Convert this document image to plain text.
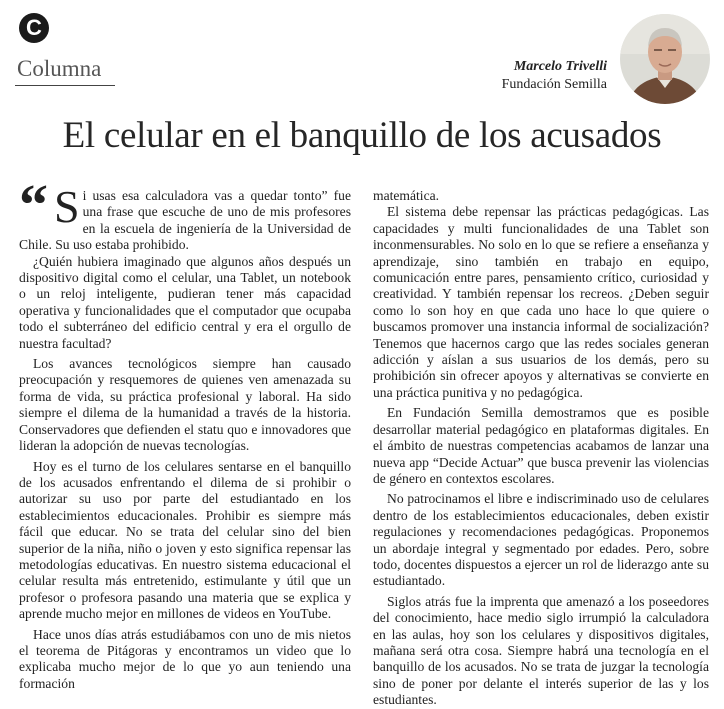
C
Columna	Marcelo Trivelli
Fundación Semilla
El celular en el banquillo de los acusados

“ S i usas esa calculadora vas a quedar tonto” fue una frase que escuche de uno de mis profesores en la escuela de ingeniería de la Universidad de Chile. Su uso estaba prohibido.

¿Quién hubiera imaginado que algunos años después un dispositivo digital como el celular, una Tablet, un notebook o un reloj inteligente, pudieran tener más capacidad operativa y funcionalidades que el computador que ocupaba todo el subterráneo del edificio central y era el orgullo de nuestra facultad?

Los avances tecnológicos siempre han causado preocupación y resquemores de quienes ven amenazada su forma de vida, su práctica profesional y laboral. Ha sido siempre el dilema de la humanidad a través de la historia. Conservadores que defienden el statu quo e innovadores que lideran la adopción de nuevas tecnologías.

Hoy es el turno de los celulares sentarse en el banquillo de los acusados enfrentando el dilema de si prohibir o autorizar su uso por parte del estudiantado en los establecimientos educacionales. Prohibir es siempre más fácil que educar. No se trata del celular sino del bien superior de la niña, niño o joven y esto significa repensar las metodologías educativas. En nuestro sistema educacional el celular resulta más entretenido, estimulante y útil que un profesor o profesora pasando una materia que se explica y aprende mucho mejor en millones de videos en YouTube.

Hace unos días atrás estudiábamos con uno de mis nietos el teorema de Pitágoras y encontramos un video que lo explicaba mucho mejor de lo que yo aun teniendo una formación

matemática.

El sistema debe repensar las prácticas pedagógicas. Las capacidades y multi funcionalidades de una Tablet son inconmensurables. No solo en lo que se refiere a enseñanza y aprendizaje, sino también en trabajo en equipo, comunicación entre pares, pensamiento crítico, curiosidad y creatividad. Y también repensar los recreos. ¿Deben seguir como lo son hoy en que cada uno hace lo que quiere o buscamos promover una instancia informal de socialización? Tenemos que hacernos cargo que las redes sociales generan adicción y aíslan a sus usuarios de los demás, pero su prohibición sin ofrecer apoyos y alternativas se convierte en una práctica punitiva y no pedagógica.

En Fundación Semilla demostramos que es posible desarrollar material pedagógico en plataformas digitales. En el ámbito de nuestras competencias acabamos de lanzar una nueva app “Decide Actuar” que busca prevenir las violencias de género en contextos escolares.

No patrocinamos el libre e indiscriminado uso de celulares dentro de los establecimientos educacionales, deben existir regulaciones y recomendaciones pedagógicas. Proponemos un abordaje integral y segmentado por edades. Pero, sobre todo, docentes dispuestos a ejercer un rol de liderazgo ante su estudiantado.

Siglos atrás fue la imprenta que amenazó a los poseedores del conocimiento, hace medio siglo irrumpió la calculadora en las aulas, hoy son los celulares y dispositivos digitales, mañana será otra cosa. Siempre habrá una tecnología en el banquillo de los acusados. No se trata de juzgar la tecnología sino de poner por delante el interés superior de las y los estudiantes.
